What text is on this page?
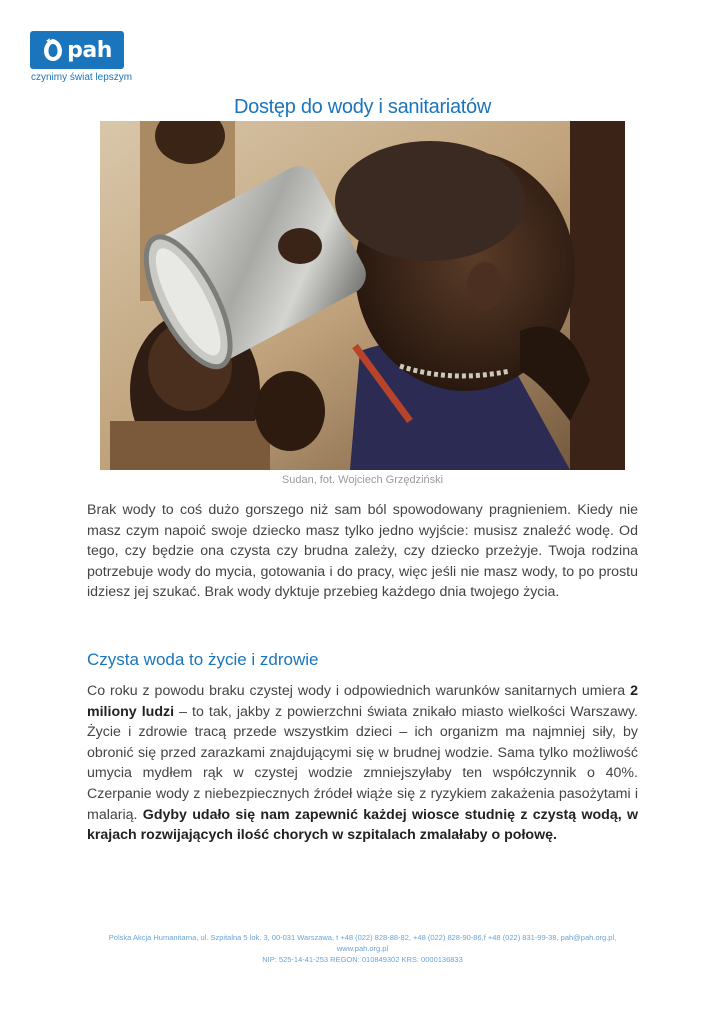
pah
czynimy świat lepszym
Dostęp do wody i sanitariatów
Sudan, fot. Wojciech Grzędziński

Brak wody to coś dużo gorszego niż sam ból spowodowany pragnieniem. Kiedy nie masz czym napoić swoje dziecko masz tylko jedno wyjście: musisz znaleźć wodę. Od tego, czy będzie ona czysta czy brudna zależy, czy dziecko przeżyje. Twoja rodzina potrzebuje wody do mycia, gotowania i do pracy, więc jeśli nie masz wody, to po prostu idziesz jej szukać. Brak wody dyktuje przebieg każdego dnia twojego życia.

Czysta woda to życie i zdrowie

Co roku z powodu braku czystej wody i odpowiednich warunków sanitarnych umiera 2 miliony ludzi – to tak, jakby z powierzchni świata znikało miasto wielkości Warszawy. Życie i zdrowie tracą przede wszystkim dzieci – ich organizm ma najmniej siły, by obronić się przed zarazkami znajdującymi się w brudnej wodzie. Sama tylko możliwość umycia mydłem rąk w czystej wodzie zmniejszyłaby ten współczynnik o 40%. Czerpanie wody z niebezpiecznych źródeł wiąże się z ryzykiem zakażenia pasożytami i malarią. Gdyby udało się nam zapewnić każdej wiosce studnię z czystą wodą, w krajach rozwijających ilość chorych w szpitalach zmalałaby o połowę.

Polska Akcja Humanitarna, ul. Szpitalna 5 lok. 3, 00-031 Warszawa, t +48 (022) 828-88-82, +48 (022) 828-90-86,f +48 (022) 831-99-38, pah@pah.org.pl,
www.pah.org.pl
NIP: 525-14-41-253 REGON: 010849302 KRS: 0000136833
